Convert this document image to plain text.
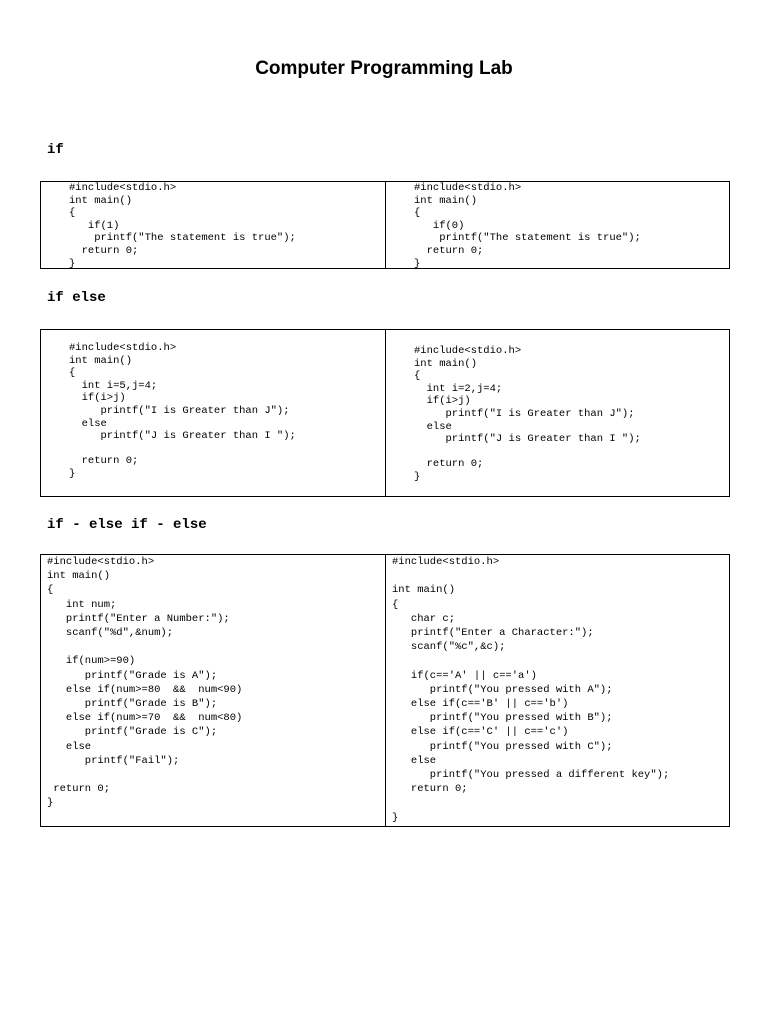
Computer Programming Lab
if
#include<stdio.h>
int main()
{
if(1)
printf("The statement is true");
return 0;
}
#include<stdio.h>
int main()
{
if(0)
printf("The statement is true");
return 0;
}
if else
#include<stdio.h>
int main()
{
int i=5,j=4;
if(i>j)
printf("I is Greater than J");
else
printf("J is Greater than I ");

return 0;
}
#include<stdio.h>
int main()
{
int i=2,j=4;
if(i>j)
printf("I is Greater than J");
else
printf("J is Greater than I ");

return 0;
}
if - else if - else
#include<stdio.h>
int main()
{
int num;
printf("Enter a Number:");
scanf("%d",&num);

if(num>=90)
printf("Grade is A");
else if(num>=80  &&  num<90)
printf("Grade is B");
else if(num>=70  &&  num<80)
printf("Grade is C");
else
printf("Fail");

return 0;
}
#include<stdio.h>

int main()
{
char c;
printf("Enter a Character:");
scanf("%c",&c);

if(c=='A' || c=='a')
printf("You pressed with A");
else if(c=='B' || c=='b')
printf("You pressed with B");
else if(c=='C' || c=='c')
printf("You pressed with C");
else
printf("You pressed a different key");
return 0;

}
